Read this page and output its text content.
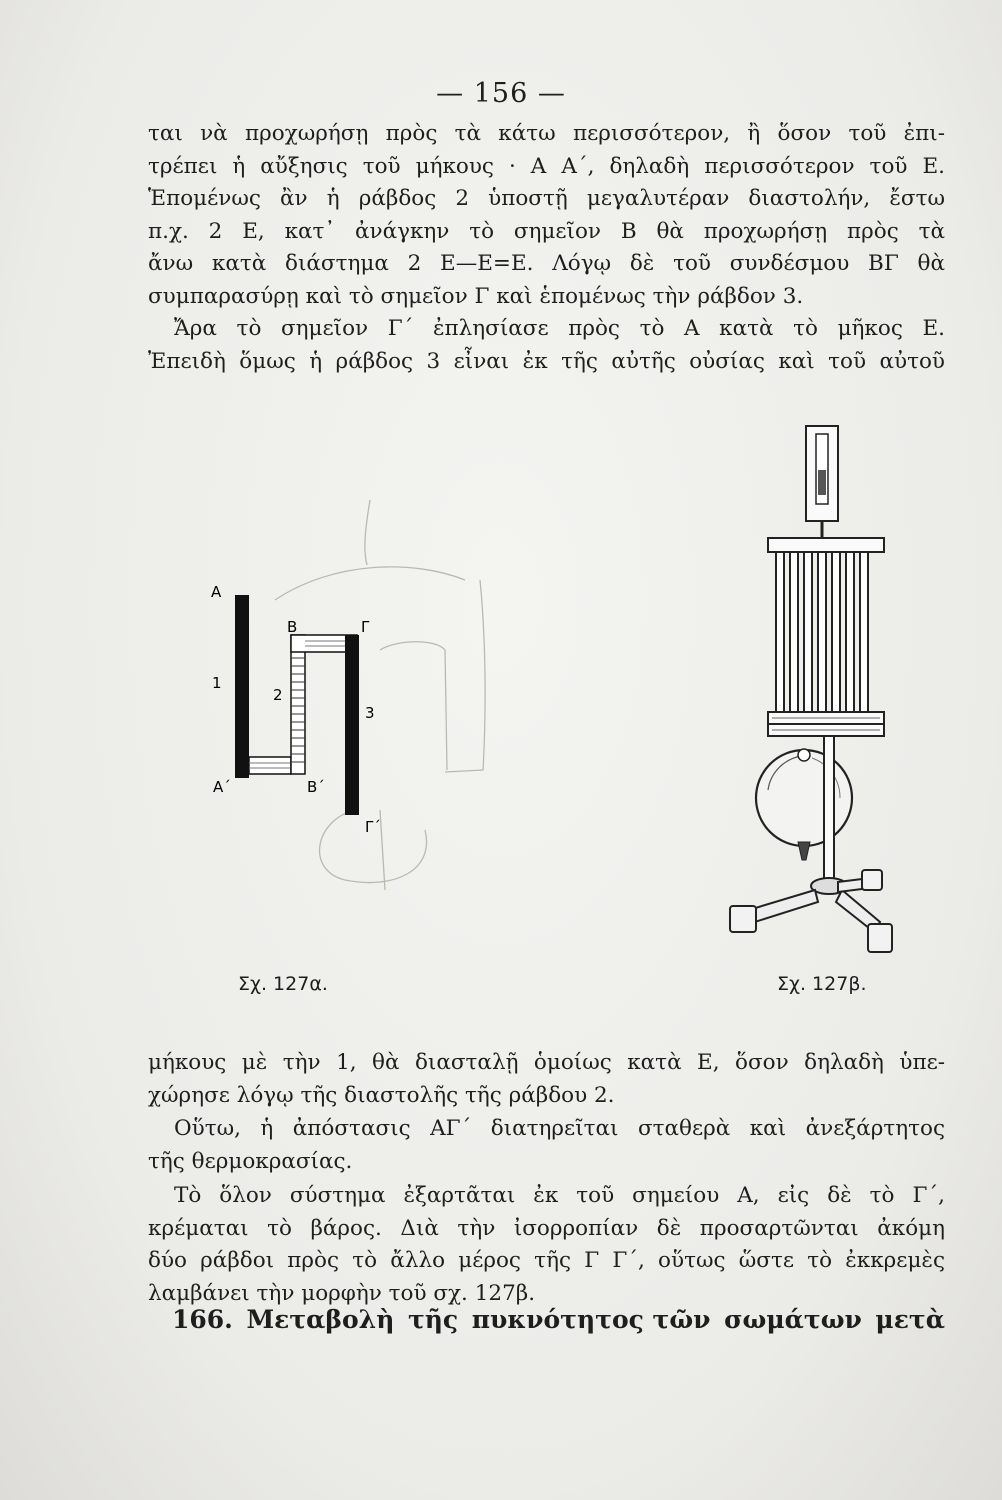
— 156 —
ται νὰ προχωρήσῃ πρὸς τὰ κάτω περισσότερον, ἢ ὅσον τοῦ ἐπι-
τρέπει ἡ αὔξησις τοῦ μήκους · Α Α΄, δηλαδὴ περισσότερον τοῦ Ε.
Ἑπομένως ἂν ἡ ράβδος 2 ὑποστῇ μεγαλυτέραν διαστολήν, ἔστω
π.χ. 2 Ε, κατ᾿ ἀνάγκην τὸ σημεῖον Β θὰ προχωρήσῃ πρὸς τὰ
ἄνω κατὰ διάστημα 2 Ε—Ε=Ε. Λόγῳ δὲ τοῦ συνδέσμου ΒΓ θὰ
συμπαρασύρῃ καὶ τὸ σημεῖον Γ καὶ ἑπομένως τὴν ράβδον 3.
Ἄρα τὸ σημεῖον Γ΄ ἐπλησίασε πρὸς τὸ Α κατὰ τὸ μῆκος Ε.
Ἐπειδὴ ὅμως ἡ ράβδος 3 εἶναι ἐκ τῆς αὐτῆς οὐσίας καὶ τοῦ αὐτοῦ
Α
Β	Γ
1
2
3
Α΄	Β΄
Γ΄
Σχ. 127α.	Σχ. 127β.
μήκους μὲ τὴν 1, θὰ διασταλῇ ὁμοίως κατὰ Ε, ὅσον δηλαδὴ ὑπε-
χώρησε λόγῳ τῆς διαστολῆς τῆς ράβδου 2.
Οὕτω, ἡ ἀπόστασις ΑΓ΄ διατηρεῖται σταθερὰ καὶ ἀνεξάρτητος
τῆς θερμοκρασίας.
Τὸ ὅλον σύστημα ἐξαρτᾶται ἐκ τοῦ σημείου Α, εἰς δὲ τὸ Γ΄,
κρέμαται τὸ βάρος. Διὰ τὴν ἰσορροπίαν δὲ προσαρτῶνται ἀκόμη
δύο ράβδοι πρὸς τὸ ἄλλο μέρος τῆς Γ Γ΄, οὕτως ὥστε τὸ ἐκκρεμὲς
λαμβάνει τὴν μορφὴν τοῦ σχ. 127β.
166. Μεταβολὴ τῆς πυκνότητος τῶν σωμάτων μετὰ
